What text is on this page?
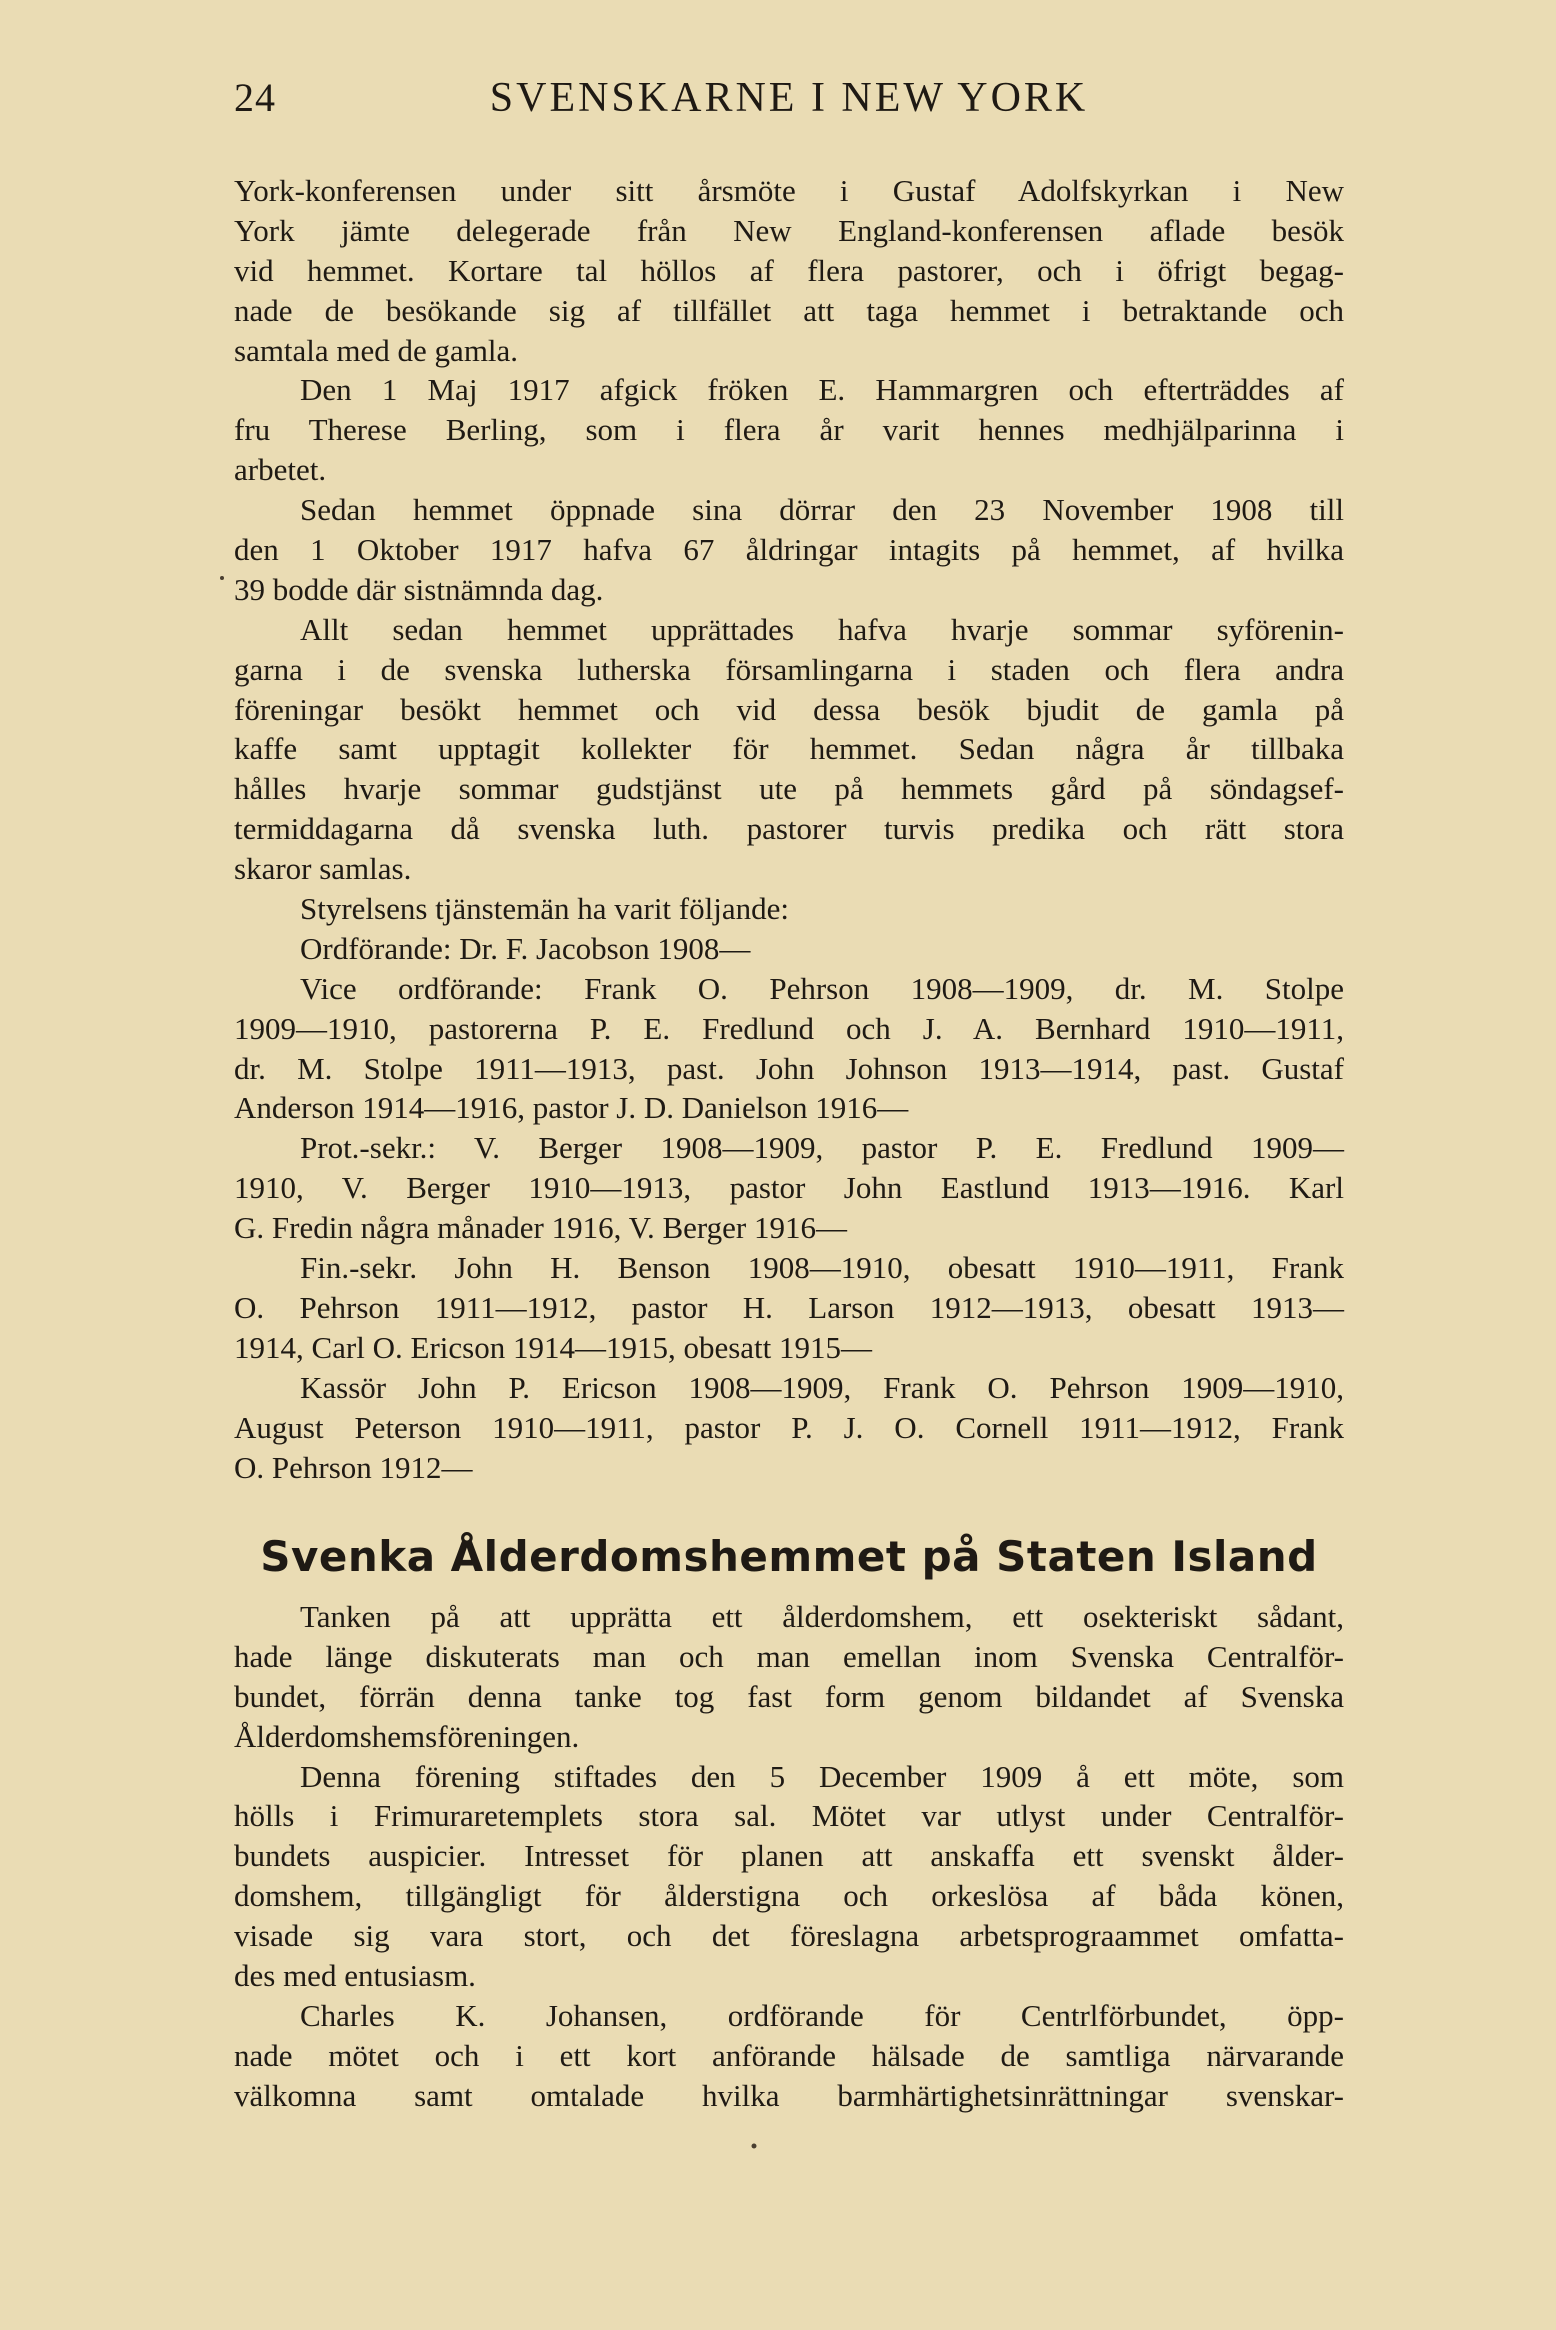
24	SVENSKARNE I NEW YORK
York-konferensen under sitt årsmöte i Gustaf Adolfskyrkan i New
York jämte delegerade från New England-konferensen aflade besök
vid hemmet. Kortare tal höllos af flera pastorer, och i öfrigt begag-
nade de besökande sig af tillfället att taga hemmet i betraktande och
samtala med de gamla.
Den 1 Maj 1917 afgick fröken E. Hammargren och efterträddes af
fru Therese Berling, som i flera år varit hennes medhjälparinna i
arbetet.
Sedan hemmet öppnade sina dörrar den 23 November 1908 till
den 1 Oktober 1917 hafva 67 åldringar intagits på hemmet, af hvilka
39 bodde där sistnämnda dag.
Allt sedan hemmet upprättades hafva hvarje sommar syförenin-
garna i de svenska lutherska församlingarna i staden och flera andra
föreningar besökt hemmet och vid dessa besök bjudit de gamla på
kaffe samt upptagit kollekter för hemmet. Sedan några år tillbaka
hålles hvarje sommar gudstjänst ute på hemmets gård på söndagsef-
termiddagarna då svenska luth. pastorer turvis predika och rätt stora
skaror samlas.
Styrelsens tjänstemän ha varit följande:
Ordförande: Dr. F. Jacobson 1908—
Vice ordförande: Frank O. Pehrson 1908—1909, dr. M. Stolpe
1909—1910, pastorerna P. E. Fredlund och J. A. Bernhard 1910—1911,
dr. M. Stolpe 1911—1913, past. John Johnson 1913—1914, past. Gustaf
Anderson 1914—1916, pastor J. D. Danielson 1916—
Prot.-sekr.: V. Berger 1908—1909, pastor P. E. Fredlund 1909—
1910, V. Berger 1910—1913, pastor John Eastlund 1913—1916. Karl
G. Fredin några månader 1916, V. Berger 1916—
Fin.-sekr. John H. Benson 1908—1910, obesatt 1910—1911, Frank
O. Pehrson 1911—1912, pastor H. Larson 1912—1913, obesatt 1913—
1914, Carl O. Ericson 1914—1915, obesatt 1915—
Kassör John P. Ericson 1908—1909, Frank O. Pehrson 1909—1910,
August Peterson 1910—1911, pastor P. J. O. Cornell 1911—1912, Frank
O. Pehrson 1912—
Svenka Ålderdomshemmet på Staten Island
Tanken på att upprätta ett ålderdomshem, ett osekteriskt sådant,
hade länge diskuterats man och man emellan inom Svenska Centralför-
bundet, förrän denna tanke tog fast form genom bildandet af Svenska
Ålderdomshemsföreningen.
Denna förening stiftades den 5 December 1909 å ett möte, som
hölls i Frimuraretemplets stora sal. Mötet var utlyst under Centralför-
bundets auspicier. Intresset för planen att anskaffa ett svenskt ålder-
domshem, tillgängligt för ålderstigna och orkeslösa af båda könen,
visade sig vara stort, och det föreslagna arbetsprograammet omfatta-
des med entusiasm.
Charles K. Johansen, ordförande för Centrlförbundet, öpp-
nade mötet och i ett kort anförande hälsade de samtliga närvarande
välkomna samt omtalade hvilka barmhärtighetsinrättningar svenskar-
